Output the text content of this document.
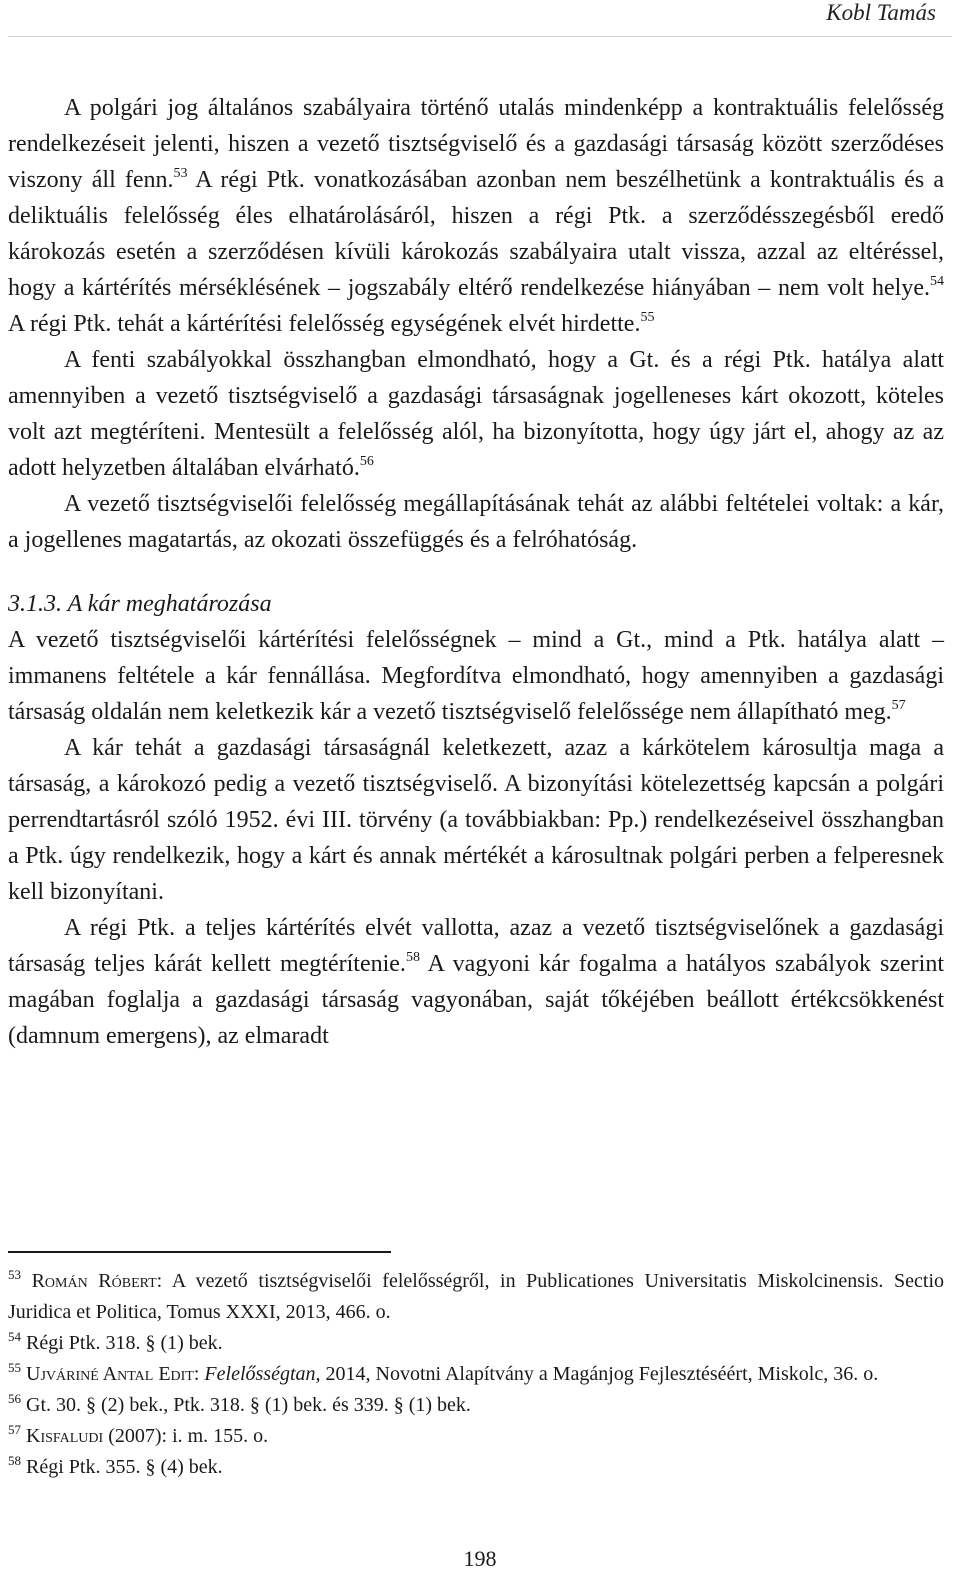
Kobl Tamás

A polgári jog általános szabályaira történő utalás mindenképp a kontraktuális felelősség rendelkezéseit jelenti, hiszen a vezető tisztségviselő és a gazdasági társaság között szerződéses viszony áll fenn.$^{53}$ A régi Ptk. vonatkozásában azonban nem beszélhetünk a kontraktuális és a deliktuális felelősség éles elhatárolásáról, hiszen a régi Ptk. a szerződésszegésből eredő károkozás esetén a szerződésen kívüli károkozás szabályaira utalt vissza, azzal az eltéréssel, hogy a kártérítés mérséklésének – jogszabály eltérő rendelkezése hiányában – nem volt helye.$^{54}$ A régi Ptk. tehát a kártérítési felelősség egységének elvét hirdette.$^{55}$

A fenti szabályokkal összhangban elmondható, hogy a Gt. és a régi Ptk. hatálya alatt amennyiben a vezető tisztségviselő a gazdasági társaságnak jogelleneses kárt okozott, köteles volt azt megtéríteni. Mentesült a felelősség alól, ha bizonyította, hogy úgy járt el, ahogy az az adott helyzetben általában elvárható.$^{56}$

A vezető tisztségviselői felelősség megállapításának tehát az alábbi feltételei voltak: a kár, a jogellenes magatartás, az okozati összefüggés és a felróhatóság.

3.1.3. A kár meghatározása

A vezető tisztségviselői kártérítési felelősségnek – mind a Gt., mind a Ptk. hatálya alatt – immanens feltétele a kár fennállása. Megfordítva elmondható, hogy amennyiben a gazdasági társaság oldalán nem keletkezik kár a vezető tisztségviselő felelőssége nem állapítható meg.$^{57}$

A kár tehát a gazdasági társaságnál keletkezett, azaz a kárkötelem károsultja maga a társaság, a károkozó pedig a vezető tisztségviselő. A bizonyítási kötelezettség kapcsán a polgári perrendtartásról szóló 1952. évi III. törvény (a továbbiakban: Pp.) rendelkezéseivel összhangban a Ptk. úgy rendelkezik, hogy a kárt és annak mértékét a károsultnak polgári perben a felperesnek kell bizonyítani.

A régi Ptk. a teljes kártérítés elvét vallotta, azaz a vezető tisztségviselőnek a gazdasági társaság teljes kárát kellett megtérítenie.$^{58}$ A vagyoni kár fogalma a hatályos szabályok szerint magában foglalja a gazdasági társaság vagyonában, saját tőkéjében beállott értékcsökkenést (damnum emergens), az elmaradt

$^{53}$ Román Róbert: A vezető tisztségviselői felelősségről, in Publicationes Universitatis Miskolcinensis. Sectio Juridica et Politica, Tomus XXXI, 2013, 466. o.

$^{54}$ Régi Ptk. 318. § (1) bek.

$^{55}$ Ujváriné Antal Edit: Felelősségtan, 2014, Novotni Alapítvány a Magánjog Fejlesztéséért, Miskolc, 36. o.

$^{56}$ Gt. 30. § (2) bek., Ptk. 318. § (1) bek. és 339. § (1) bek.

$^{57}$ Kisfaludi (2007): i. m. 155. o.

$^{58}$ Régi Ptk. 355. § (4) bek.

198
